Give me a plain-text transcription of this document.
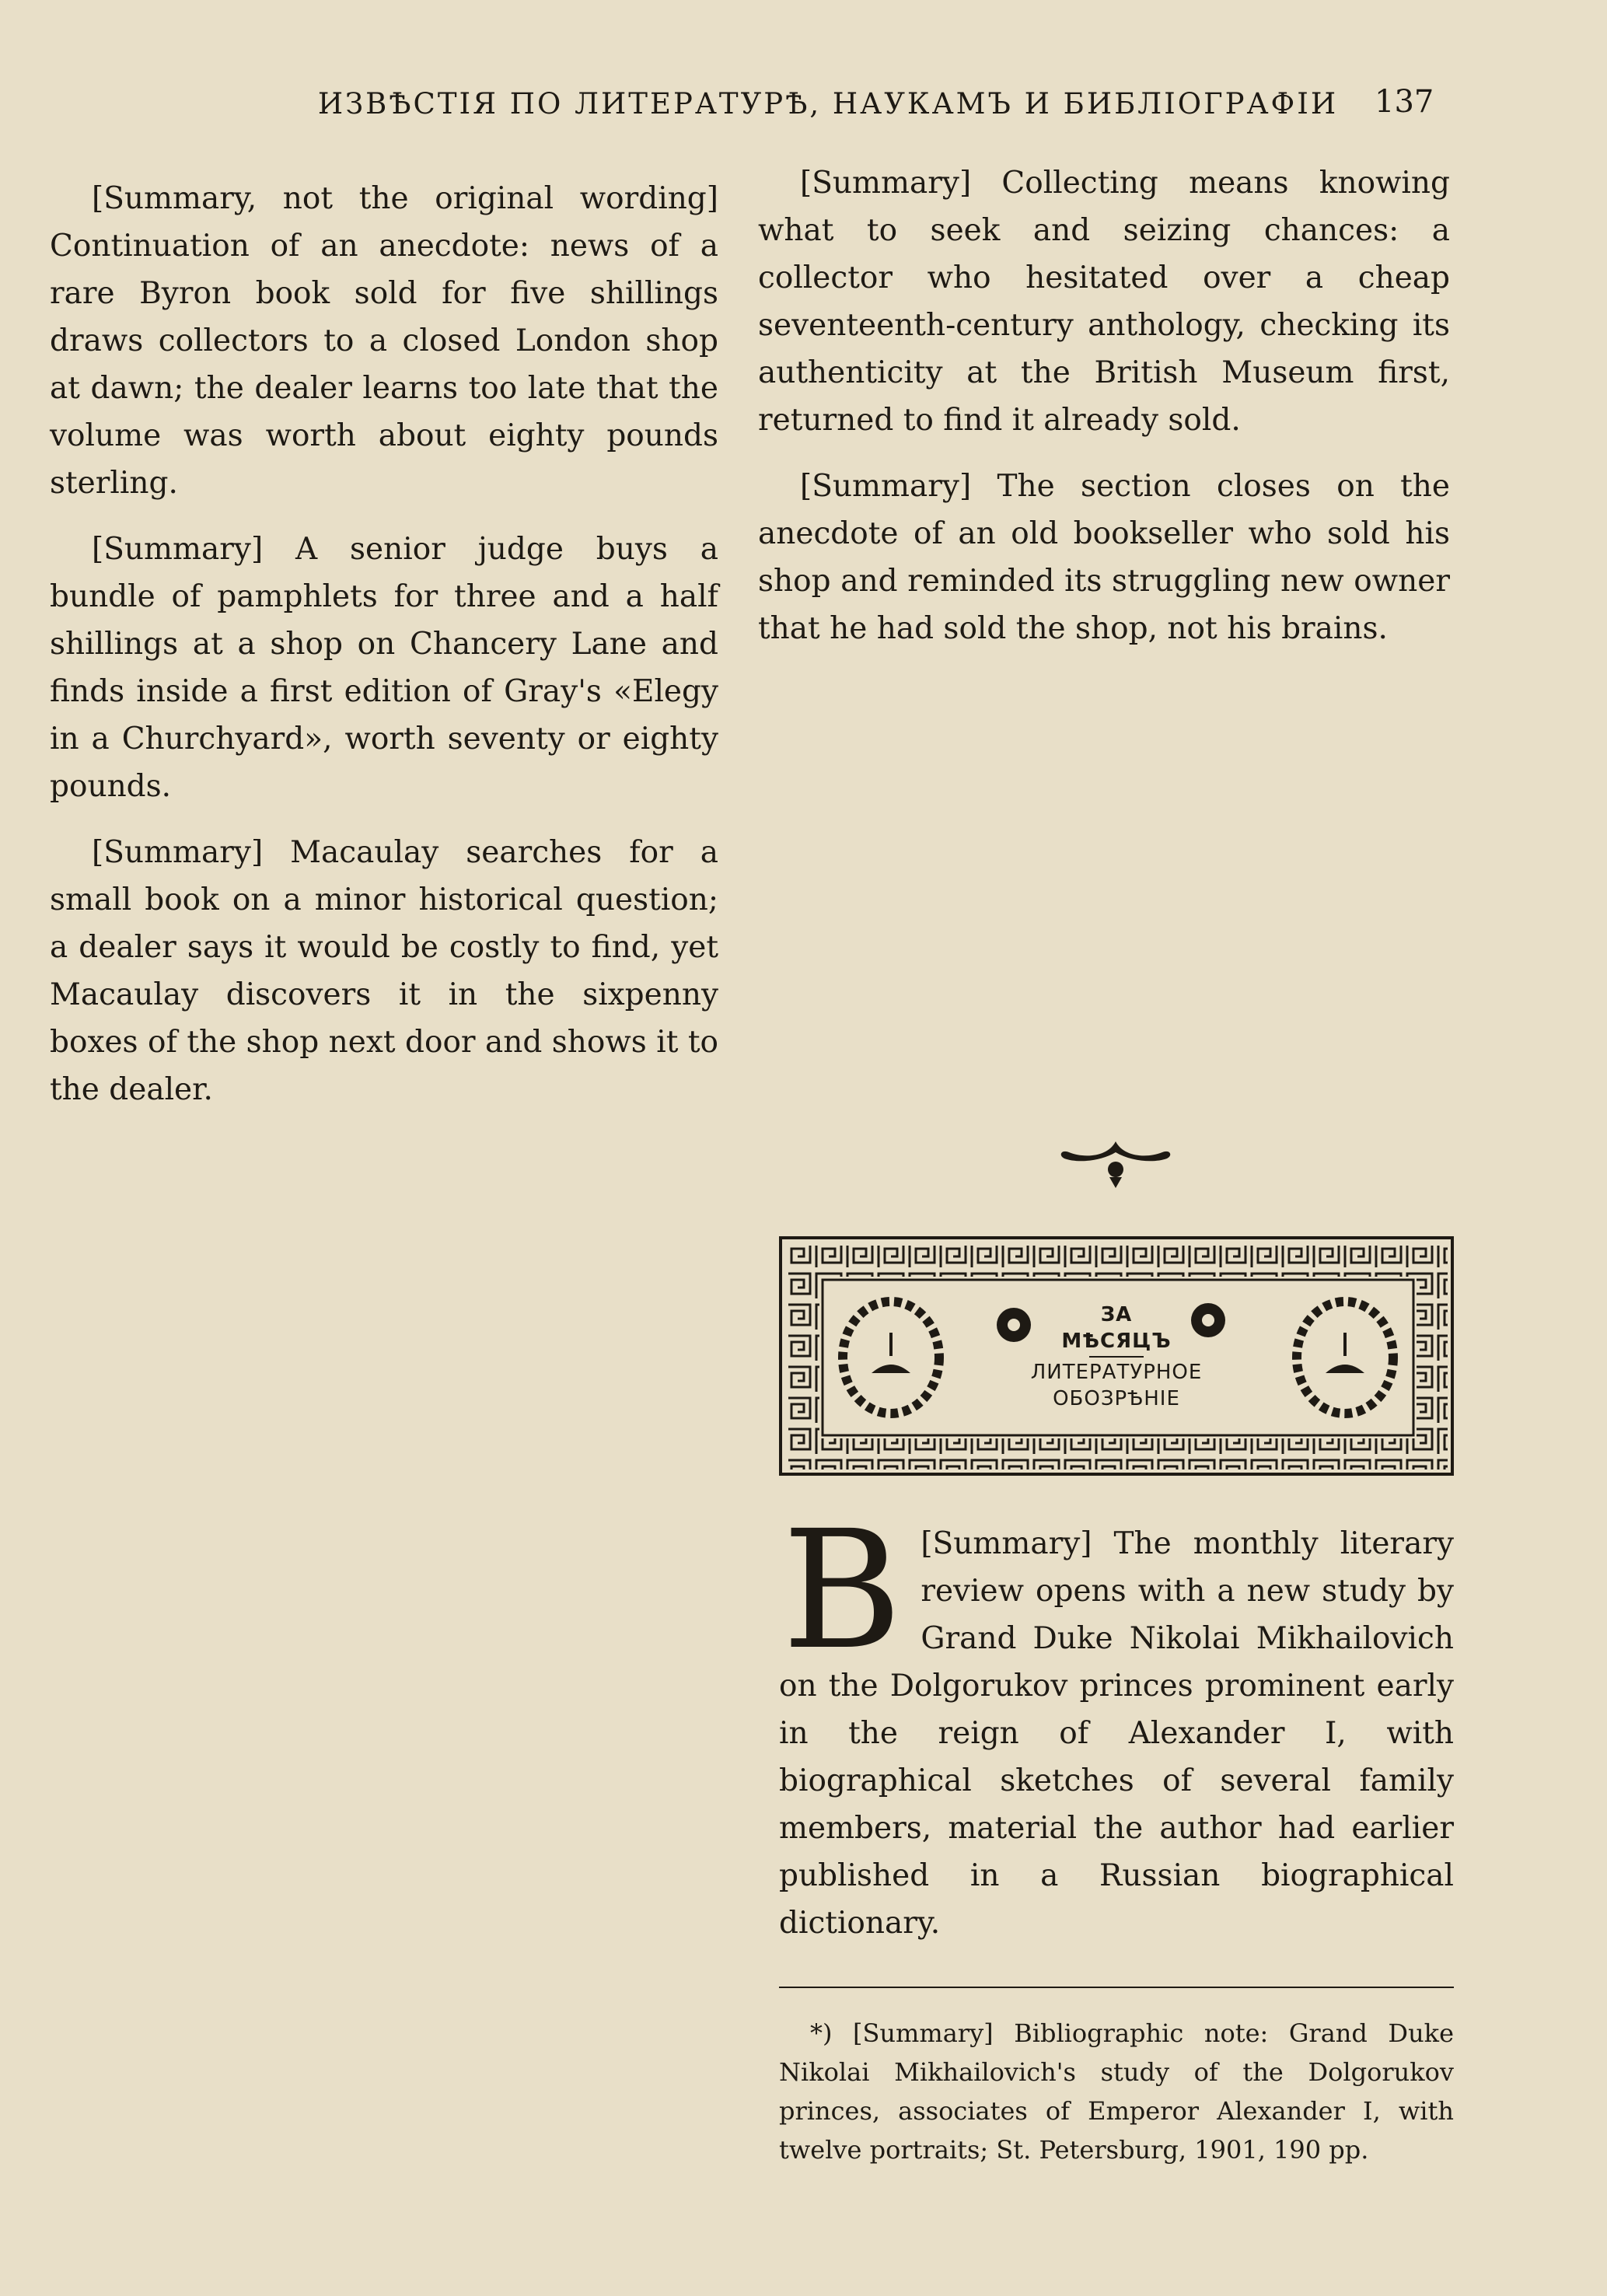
ИЗВѢСТIЯ ПО ЛИТЕРАТУРѢ, НАУКАМЪ И БИБЛIОГРАФIИ	137

[Summary, not the original wording] Continuation of an anecdote: news of a rare Byron book sold for five shillings draws collectors to a closed London shop at dawn; the dealer learns too late that the volume was worth about eighty pounds sterling.

[Summary] A senior judge buys a bundle of pamphlets for three and a half shillings at a shop on Chancery Lane and finds inside a first edition of Gray's «Elegy in a Churchyard», worth seventy or eighty pounds.

[Summary] Macaulay searches for a small book on a minor historical question; a dealer says it would be costly to find, yet Macaulay discovers it in the sixpenny boxes of the shop next door and shows it to the dealer.

[Summary] Collecting means knowing what to seek and seizing chances: a collector who hesitated over a cheap seventeenth-century anthology, checking its authenticity at the British Museum first, returned to find it already sold.

[Summary] The section closes on the anecdote of an old bookseller who sold his shop and reminded its struggling new owner that he had sold the shop, not his brains.

ЗА
МѢСЯЦЪ
ЛИТЕРАТУРНОЕ
ОБОЗРѢНIЕ
В [Summary] The monthly literary review opens with a new study by Grand Duke Nikolai Mikhailovich on the Dolgorukov princes prominent early in the reign of Alexander I, with biographical sketches of several family members, material the author had earlier published in a Russian biographical dictionary.
*) [Summary] Bibliographic note: Grand Duke Nikolai Mikhailovich's study of the Dolgorukov princes, associates of Emperor Alexander I, with twelve portraits; St. Petersburg, 1901, 190 pp.
